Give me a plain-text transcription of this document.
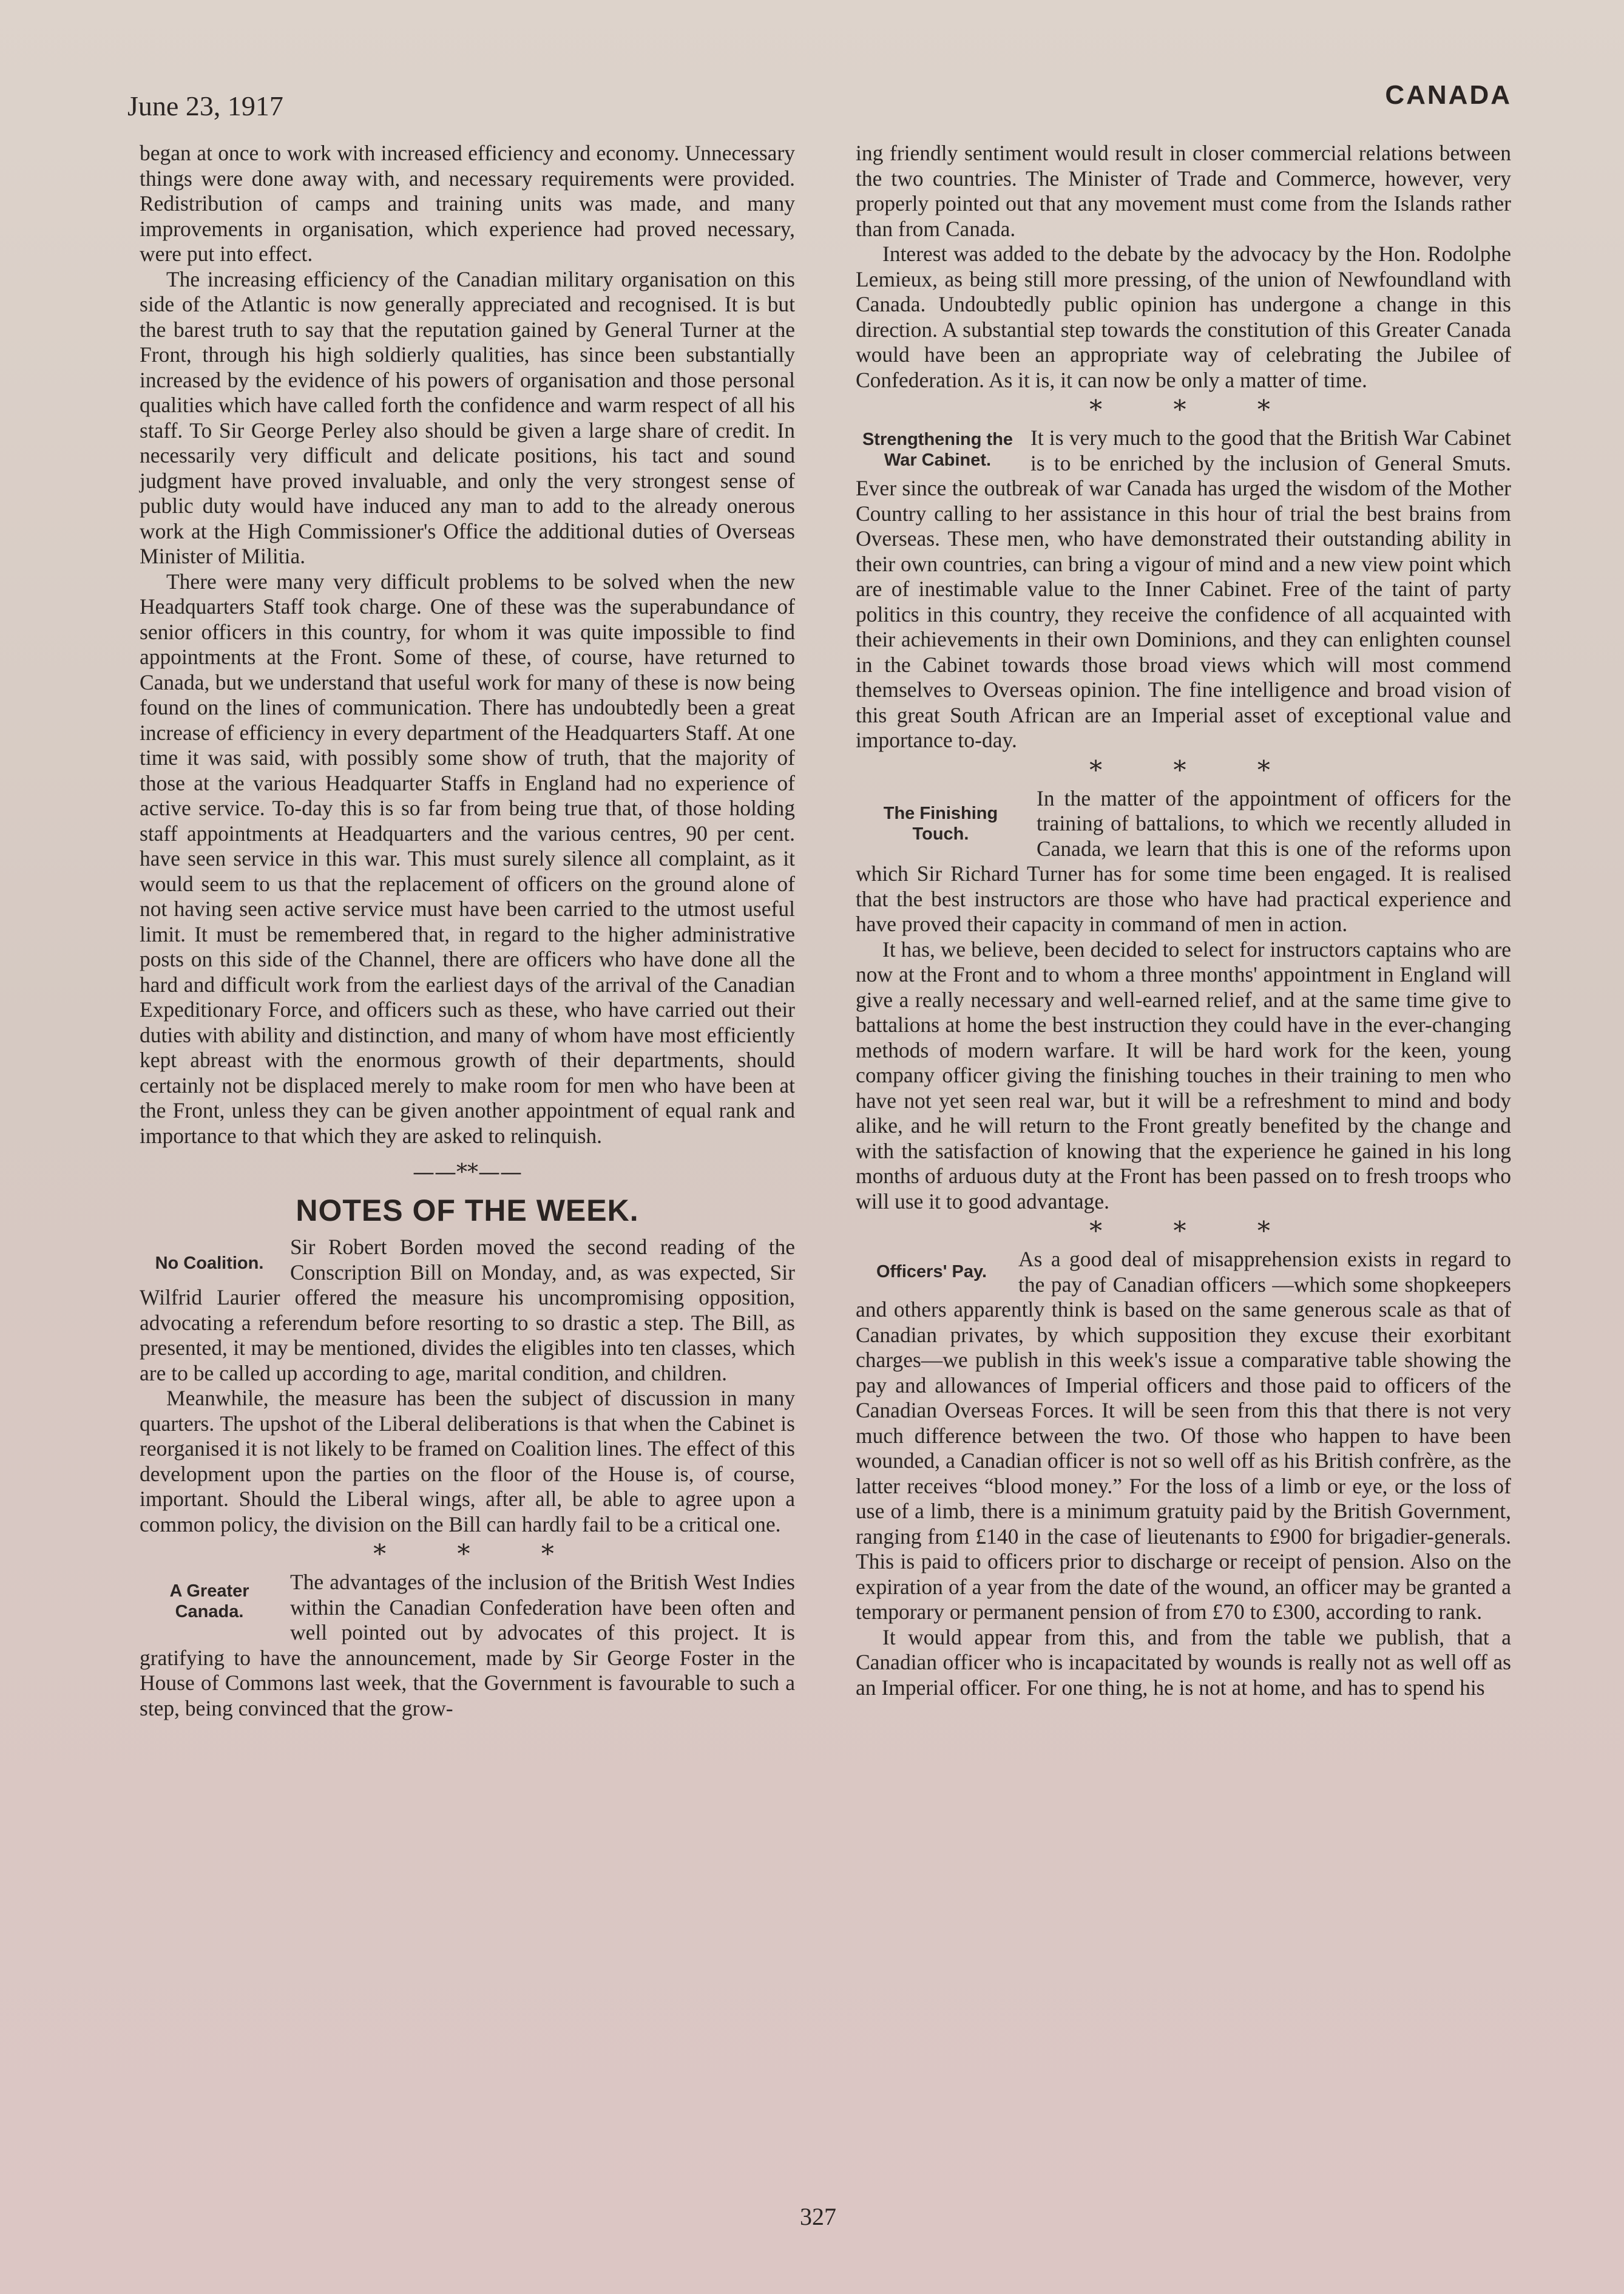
June 23, 1917	CANADA

began at once to work with increased efficiency and economy. Unnecessary things were done away with, and necessary requirements were provided. Redistribution of camps and training units was made, and many improvements in organisation, which experience had proved necessary, were put into effect.

The increasing efficiency of the Canadian military organisation on this side of the Atlantic is now generally appreciated and recognised. It is but the barest truth to say that the reputation gained by General Turner at the Front, through his high soldierly qualities, has since been substantially increased by the evidence of his powers of organisation and those personal qualities which have called forth the confidence and warm respect of all his staff. To Sir George Perley also should be given a large share of credit. In necessarily very difficult and delicate positions, his tact and sound judgment have proved invaluable, and only the very strongest sense of public duty would have induced any man to add to the already onerous work at the High Commissioner's Office the additional duties of Overseas Minister of Militia.

There were many very difficult problems to be solved when the new Headquarters Staff took charge. One of these was the superabundance of senior officers in this country, for whom it was quite impossible to find appointments at the Front. Some of these, of course, have returned to Canada, but we understand that useful work for many of these is now being found on the lines of communication. There has undoubtedly been a great increase of efficiency in every department of the Headquarters Staff. At one time it was said, with possibly some show of truth, that the majority of those at the various Headquarter Staffs in England had no experience of active service. To-day this is so far from being true that, of those holding staff appointments at Headquarters and the various centres, 90 per cent. have seen service in this war. This must surely silence all complaint, as it would seem to us that the replacement of officers on the ground alone of not having seen active service must have been carried to the utmost useful limit. It must be remembered that, in regard to the higher administrative posts on this side of the Channel, there are officers who have done all the hard and difficult work from the earliest days of the arrival of the Canadian Expeditionary Force, and officers such as these, who have carried out their duties with ability and distinction, and many of whom have most efficiently kept abreast with the enormous growth of their departments, should certainly not be displaced merely to make room for men who have been at the Front, unless they can be given another appointment of equal rank and importance to that which they are asked to relinquish.

——**——
NOTES OF THE WEEK.
No Coalition.

Sir Robert Borden moved the second reading of the Conscription Bill on Monday, and, as was expected, Sir Wilfrid Laurier offered the measure his uncompromising opposition, advocating a referendum before resorting to so drastic a step. The Bill, as presented, it may be mentioned, divides the eligibles into ten classes, which are to be called up according to age, marital condition, and children.

Meanwhile, the measure has been the subject of discussion in many quarters. The upshot of the Liberal deliberations is that when the Cabinet is reorganised it is not likely to be framed on Coalition lines. The effect of this development upon the parties on the floor of the House is, of course, important. Should the Liberal wings, after all, be able to agree upon a common policy, the division on the Bill can hardly fail to be a critical one.

* * *
A Greater Canada.

The advantages of the inclusion of the British West Indies within the Canadian Confederation have been often and well pointed out by advocates of this project. It is gratifying to have the announcement, made by Sir George Foster in the House of Commons last week, that the Government is favourable to such a step, being convinced that the grow-

ing friendly sentiment would result in closer commercial relations between the two countries. The Minister of Trade and Commerce, however, very properly pointed out that any movement must come from the Islands rather than from Canada.

Interest was added to the debate by the advocacy by the Hon. Rodolphe Lemieux, as being still more pressing, of the union of Newfoundland with Canada. Undoubtedly public opinion has undergone a change in this direction. A substantial step towards the constitution of this Greater Canada would have been an appropriate way of celebrating the Jubilee of Confederation. As it is, it can now be only a matter of time.

* * *
Strengthening the War Cabinet.

It is very much to the good that the British War Cabinet is to be enriched by the inclusion of General Smuts. Ever since the outbreak of war Canada has urged the wisdom of the Mother Country calling to her assistance in this hour of trial the best brains from Overseas. These men, who have demonstrated their outstanding ability in their own countries, can bring a vigour of mind and a new view point which are of inestimable value to the Inner Cabinet. Free of the taint of party politics in this country, they receive the confidence of all acquainted with their achievements in their own Dominions, and they can enlighten counsel in the Cabinet towards those broad views which will most commend themselves to Overseas opinion. The fine intelligence and broad vision of this great South African are an Imperial asset of exceptional value and importance to-day.

* * *
The Finishing Touch.

In the matter of the appointment of officers for the training of battalions, to which we recently alluded in Canada, we learn that this is one of the reforms upon which Sir Richard Turner has for some time been engaged. It is realised that the best instructors are those who have had practical experience and have proved their capacity in command of men in action.

It has, we believe, been decided to select for instructors captains who are now at the Front and to whom a three months' appointment in England will give a really necessary and well-earned relief, and at the same time give to battalions at home the best instruction they could have in the ever-changing methods of modern warfare. It will be hard work for the keen, young company officer giving the finishing touches in their training to men who have not yet seen real war, but it will be a refreshment to mind and body alike, and he will return to the Front greatly benefited by the change and with the satisfaction of knowing that the experience he gained in his long months of arduous duty at the Front has been passed on to fresh troops who will use it to good advantage.

* * *
Officers' Pay.

As a good deal of misapprehension exists in regard to the pay of Canadian officers —which some shopkeepers and others apparently think is based on the same generous scale as that of Canadian privates, by which supposition they excuse their exorbitant charges—we publish in this week's issue a comparative table showing the pay and allowances of Imperial officers and those paid to officers of the Canadian Overseas Forces. It will be seen from this that there is not very much difference between the two. Of those who happen to have been wounded, a Canadian officer is not so well off as his British confrère, as the latter receives “blood money.” For the loss of a limb or eye, or the loss of use of a limb, there is a minimum gratuity paid by the British Government, ranging from £140 in the case of lieutenants to £900 for brigadier-generals. This is paid to officers prior to discharge or receipt of pension. Also on the expiration of a year from the date of the wound, an officer may be granted a temporary or permanent pension of from £70 to £300, according to rank.

It would appear from this, and from the table we publish, that a Canadian officer who is incapacitated by wounds is really not as well off as an Imperial officer. For one thing, he is not at home, and has to spend his

327
